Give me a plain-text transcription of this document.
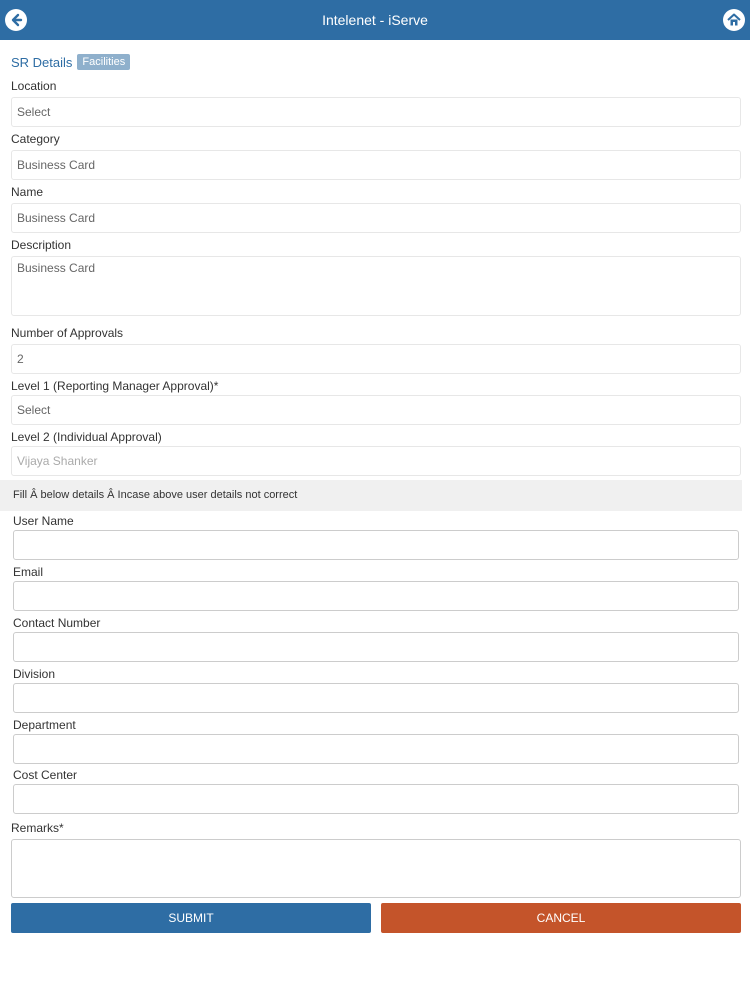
Intelenet - iServe
SR Details Facilities
Location
Select
Category
Business Card
Name
Business Card
Description
Business Card
Number of Approvals
2
Level 1 (Reporting Manager Approval)*
Select
Level 2 (Individual Approval)
Vijaya Shanker
Fill Â below details Â Incase above user details not correct
User Name
Email
Contact Number
Division
Department
Cost Center
Remarks*
SUBMIT	CANCEL
